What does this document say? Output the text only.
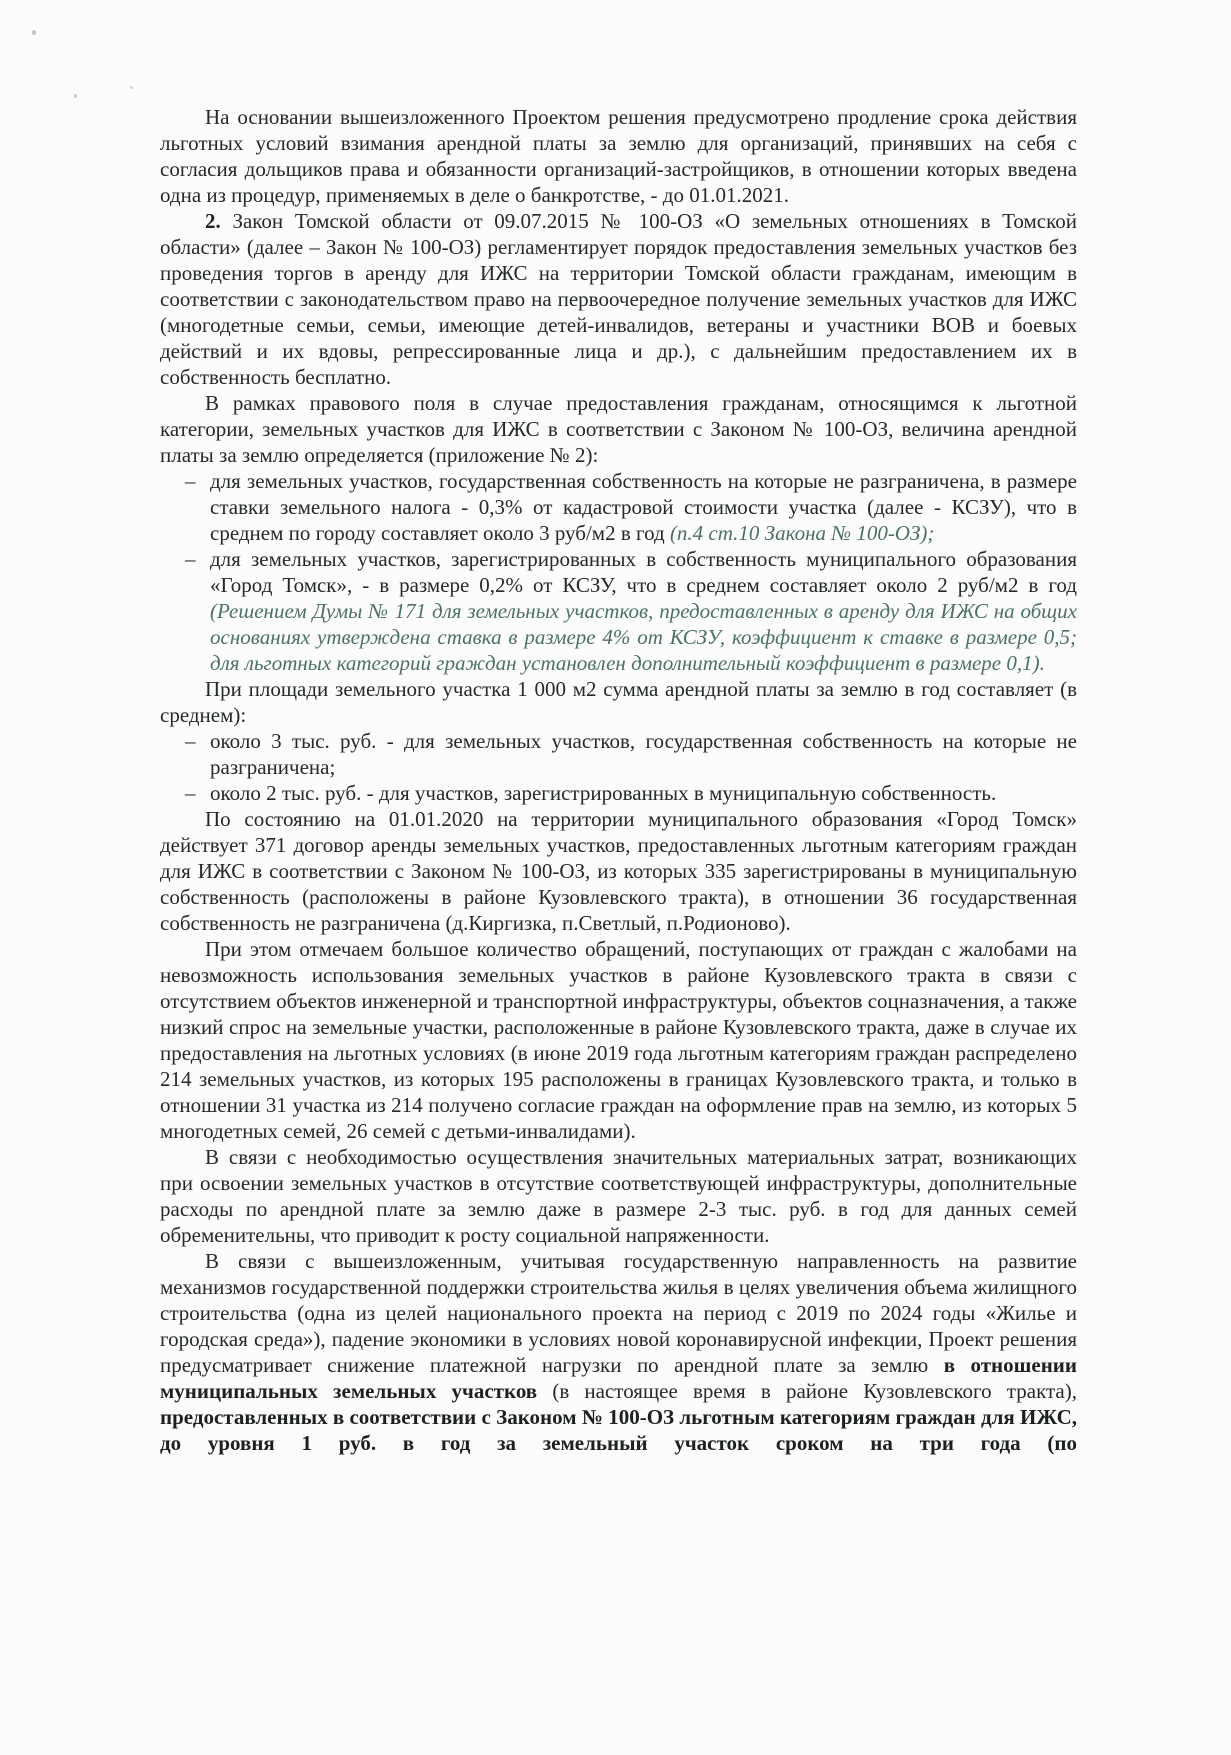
На основании вышеизложенного Проектом решения предусмотрено продление срока действия льготных условий взимания арендной платы за землю для организаций, принявших на себя с согласия дольщиков права и обязанности организаций-застройщиков, в отношении которых введена одна из процедур, применяемых в деле о банкротстве, - до 01.01.2021.

2. Закон Томской области от 09.07.2015 № 100-ОЗ «О земельных отношениях в Томской области» (далее – Закон № 100-ОЗ) регламентирует порядок предоставления земельных участков без проведения торгов в аренду для ИЖС на территории Томской области гражданам, имеющим в соответствии с законодательством право на первоочередное получение земельных участков для ИЖС (многодетные семьи, семьи, имеющие детей-инвалидов, ветераны и участники ВОВ и боевых действий и их вдовы, репрессированные лица и др.), с дальнейшим предоставлением их в собственность бесплатно.

В рамках правового поля в случае предоставления гражданам, относящимся к льготной категории, земельных участков для ИЖС в соответствии с Законом № 100-ОЗ, величина арендной платы за землю определяется (приложение № 2):

– для земельных участков, государственная собственность на которые не разграничена, в размере ставки земельного налога - 0,3% от кадастровой стоимости участка (далее - КСЗУ), что в среднем по городу составляет около 3 руб/м2 в год (п.4 ст.10 Закона № 100-ОЗ);

– для земельных участков, зарегистрированных в собственность муниципального образования «Город Томск», - в размере 0,2% от КСЗУ, что в среднем составляет около 2 руб/м2 в год (Решением Думы № 171 для земельных участков, предоставленных в аренду для ИЖС на общих основаниях утверждена ставка в размере 4% от КСЗУ, коэффициент к ставке в размере 0,5; для льготных категорий граждан установлен дополнительный коэффициент в размере 0,1).

При площади земельного участка 1 000 м2 сумма арендной платы за землю в год составляет (в среднем):

– около 3 тыс. руб. - для земельных участков, государственная собственность на которые не разграничена;

– около 2 тыс. руб. - для участков, зарегистрированных в муниципальную собственность.

По состоянию на 01.01.2020 на территории муниципального образования «Город Томск» действует 371 договор аренды земельных участков, предоставленных льготным категориям граждан для ИЖС в соответствии с Законом № 100-ОЗ, из которых 335 зарегистрированы в муниципальную собственность (расположены в районе Кузовлевского тракта), в отношении 36 государственная собственность не разграничена (д.Киргизка, п.Светлый, п.Родионово).

При этом отмечаем большое количество обращений, поступающих от граждан с жалобами на невозможность использования земельных участков в районе Кузовлевского тракта в связи с отсутствием объектов инженерной и транспортной инфраструктуры, объектов соцназначения, а также низкий спрос на земельные участки, расположенные в районе Кузовлевского тракта, даже в случае их предоставления на льготных условиях (в июне 2019 года льготным категориям граждан распределено 214 земельных участков, из которых 195 расположены в границах Кузовлевского тракта, и только в отношении 31 участка из 214 получено согласие граждан на оформление прав на землю, из которых 5 многодетных семей, 26 семей с детьми-инвалидами).

В связи с необходимостью осуществления значительных материальных затрат, возникающих при освоении земельных участков в отсутствие соответствующей инфраструктуры, дополнительные расходы по арендной плате за землю даже в размере 2-3 тыс. руб. в год для данных семей обременительны, что приводит к росту социальной напряженности.

В связи с вышеизложенным, учитывая государственную направленность на развитие механизмов государственной поддержки строительства жилья в целях увеличения объема жилищного строительства (одна из целей национального проекта на период с 2019 по 2024 годы «Жилье и городская среда»), падение экономики в условиях новой коронавирусной инфекции, Проект решения предусматривает снижение платежной нагрузки по арендной плате за землю в отношении муниципальных земельных участков (в настоящее время в районе Кузовлевского тракта), предоставленных в соответствии с Законом № 100-ОЗ льготным категориям граждан для ИЖС, до уровня 1 руб. в год за земельный участок сроком на три года (по
